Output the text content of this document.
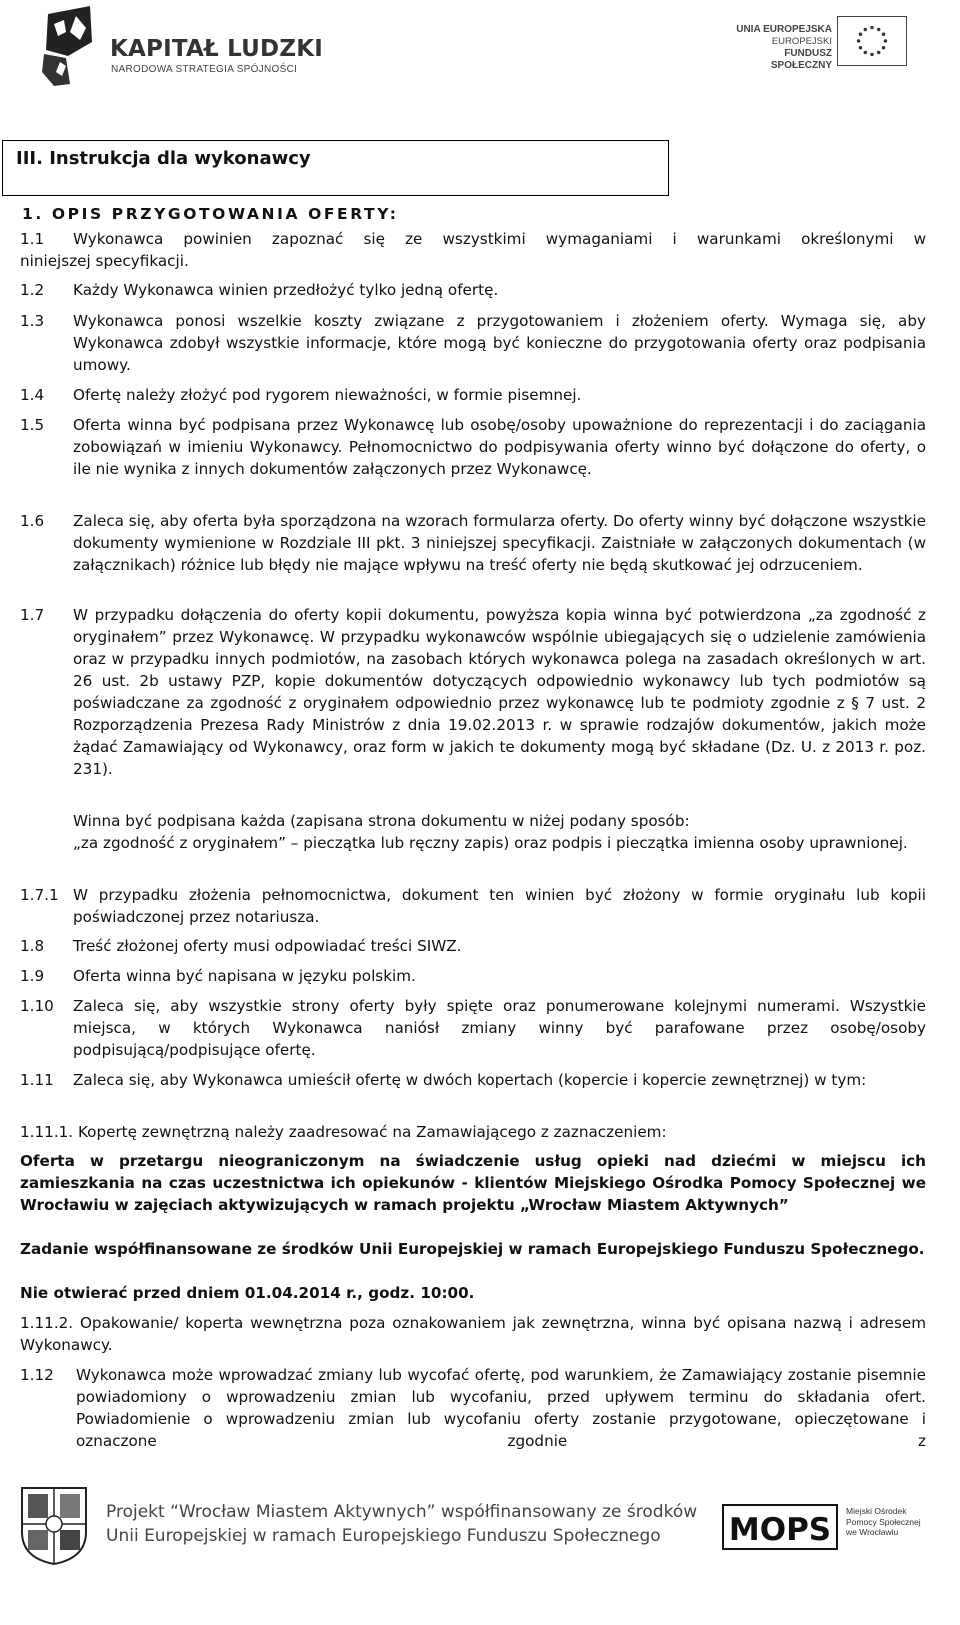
KAPITAŁ LUDZKI
NARODOWA STRATEGIA SPÓJNOŚCI
UNIA EUROPEJSKA
EUROPEJSKI
FUNDUSZ SPOŁECZNY
III. Instrukcja dla wykonawcy
1. OPIS PRZYGOTOWANIA OFERTY:
1.1 Wykonawca powinien zapoznać się ze wszystkimi wymaganiami i warunkami określonymi w
niniejszej specyfikacji.
1.2 Każdy Wykonawca winien przedłożyć tylko jedną ofertę.
1.3 Wykonawca ponosi wszelkie koszty związane z przygotowaniem i złożeniem oferty. Wymaga się, aby Wykonawca zdobył wszystkie informacje, które mogą być konieczne do przygotowania oferty oraz podpisania umowy.
1.4 Ofertę należy złożyć pod rygorem nieważności, w formie pisemnej.
1.5 Oferta winna być podpisana przez Wykonawcę lub osobę/osoby upoważnione do reprezentacji i do zaciągania zobowiązań w imieniu Wykonawcy. Pełnomocnictwo do podpisywania oferty winno być dołączone do oferty, o ile nie wynika z innych dokumentów załączonych przez Wykonawcę.
1.6 Zaleca się, aby oferta była sporządzona na wzorach formularza oferty. Do oferty winny być dołączone wszystkie dokumenty wymienione w Rozdziale III pkt. 3 niniejszej specyfikacji. Zaistniałe w załączonych dokumentach (w załącznikach) różnice lub błędy nie mające wpływu na treść oferty nie będą skutkować jej odrzuceniem.
1.7 W przypadku dołączenia do oferty kopii dokumentu, powyższa kopia winna być potwierdzona „za zgodność z oryginałem” przez Wykonawcę. W przypadku wykonawców wspólnie ubiegających się o udzielenie zamówienia oraz w przypadku innych podmiotów, na zasobach których wykonawca polega na zasadach określonych w art. 26 ust. 2b ustawy PZP, kopie dokumentów dotyczących odpowiednio wykonawcy lub tych podmiotów są poświadczane za zgodność z oryginałem odpowiednio przez wykonawcę lub te podmioty zgodnie z § 7 ust. 2 Rozporządzenia Prezesa Rady Ministrów z dnia 19.02.2013 r. w sprawie rodzajów dokumentów, jakich może żądać Zamawiający od Wykonawcy, oraz form w jakich te dokumenty mogą być składane (Dz. U. z 2013 r. poz. 231).
Winna być podpisana każda (zapisana strona dokumentu w niżej podany sposób:
„za zgodność z oryginałem” – pieczątka lub ręczny zapis) oraz podpis i pieczątka imienna osoby uprawnionej.
1.7.1 W przypadku złożenia pełnomocnictwa, dokument ten winien być złożony w formie oryginału lub kopii poświadczonej przez notariusza.
1.8 Treść złożonej oferty musi odpowiadać treści SIWZ.
1.9 Oferta winna być napisana w języku polskim.
1.10 Zaleca się, aby wszystkie strony oferty były spięte oraz ponumerowane kolejnymi numerami. Wszystkie miejsca, w których Wykonawca naniósł zmiany winny być parafowane przez osobę/osoby podpisującą/podpisujące ofertę.
1.11 Zaleca się, aby Wykonawca umieścił ofertę w dwóch kopertach (kopercie i kopercie zewnętrznej) w tym:
1.11.1. Kopertę zewnętrzną należy zaadresować na Zamawiającego z zaznaczeniem:
Oferta w przetargu nieograniczonym na świadczenie usług opieki nad dziećmi w miejscu ich zamieszkania na czas uczestnictwa ich opiekunów - klientów Miejskiego Ośrodka Pomocy Społecznej we Wrocławiu w zajęciach aktywizujących w ramach projektu „Wrocław Miastem Aktywnych”
Zadanie współfinansowane ze środków Unii Europejskiej w ramach Europejskiego Funduszu Społecznego.
Nie otwierać przed dniem 01.04.2014 r., godz. 10:00.
1.11.2. Opakowanie/ koperta wewnętrzna poza oznakowaniem jak zewnętrzna, winna być opisana nazwą i adresem Wykonawcy.
1.12 Wykonawca może wprowadzać zmiany lub wycofać ofertę, pod warunkiem, że Zamawiający zostanie pisemnie powiadomiony o wprowadzeniu zmian lub wycofaniu, przed upływem terminu do składania ofert. Powiadomienie o wprowadzeniu zmian lub wycofaniu oferty zostanie przygotowane, opieczętowane i oznaczone zgodnie z
Projekt “Wrocław Miastem Aktywnych” współfinansowany ze środków
Unii Europejskiej w ramach Europejskiego Funduszu Społecznego	MOPS
Miejski Ośrodek
Pomocy Społecznej
we Wrocławiu
